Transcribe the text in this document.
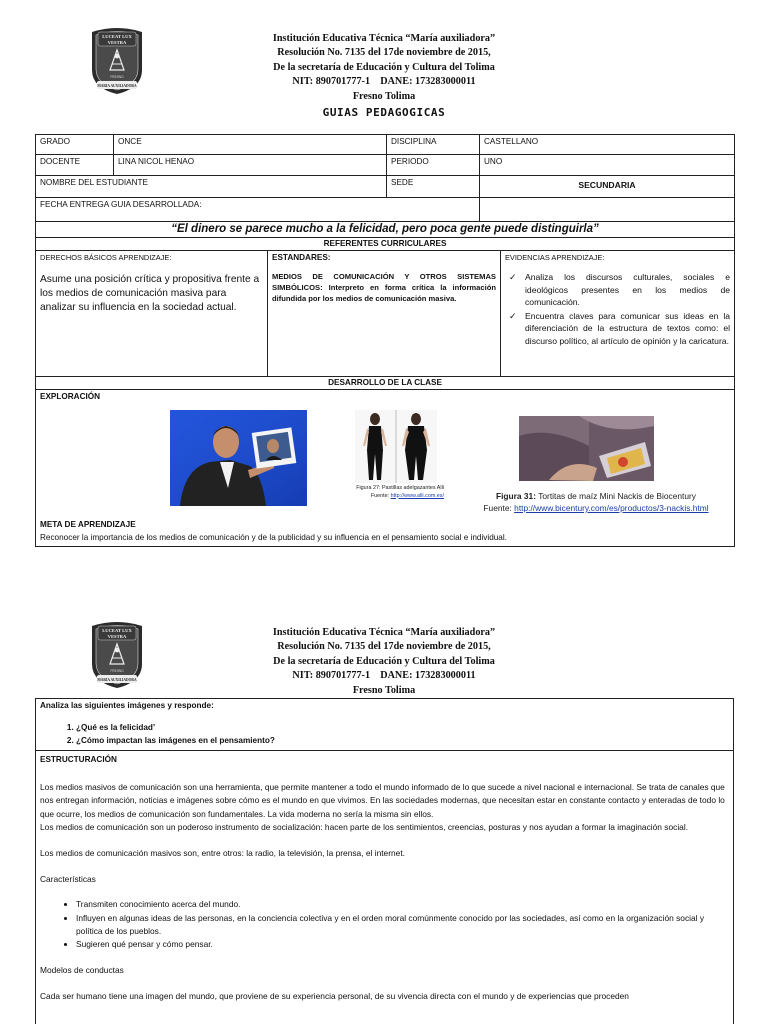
LUCEAT LUX
VESTRA
FRESNO
MARIA AUXILIADORA
Institución Educativa Técnica “María auxiliadora”
Resolución No. 7135 del 17de noviembre de 2015,
De la secretaría de Educación y Cultura del Tolima
NIT: 890701777-1    DANE: 173283000011
Fresno Tolima
GUIAS PEDAGOGICAS
GRADO	ONCE	DISCIPLINA	CASTELLANO
DOCENTE	LINA NICOL HENAO	PERIODO	UNO
NOMBRE DEL ESTUDIANTE		SEDE	SECUNDARIA
FECHA ENTREGA GUIA DESARROLLADA:			
“El dinero se parece mucho a la felicidad, pero poca gente puede distinguirla”
REFERENTES CURRICULARES

DERECHOS BÁSICOS APRENDIZAJE:
Asume una posición crítica y propositiva frente a los medios de comunicación masiva para analizar su influencia en la sociedad actual.

ESTANDARES:
MEDIOS DE COMUNICACIÓN Y OTROS SISTEMAS SIMBÓLICOS: Interpreto en forma crítica la información difundida por los medios de comunicación masiva.

EVIDENCIAS APRENDIZAJE:
✓ Analiza los discursos culturales, sociales e ideológicos presentes en los medios de comunicación.
✓ Encuentra claves para comunicar sus ideas en la diferenciación de la estructura de textos como: el discurso político, al artículo de opinión y la caricatura.

DESARROLLO DE LA CLASE

EXPLORACIÓN
Figura 27: Pastillas adelgazantes Alli
Fuente: http://www.alli.com.es/	Figura 31: Tortitas de maíz Mini Nackis de Biocentury
Fuente: http://www.bicentury.com/es/productos/3-nackis.html
META DE APRENDIZAJE
Reconocer la importancia de los medios de comunicación y de la publicidad y su influencia en el pensamiento social e individual.
LUCEAT LUX
VESTRA
FRESNO
MARIA AUXILIADORA
Institución Educativa Técnica “María auxiliadora”
Resolución No. 7135 del 17de noviembre de 2015,
De la secretaría de Educación y Cultura del Tolima
NIT: 890701777-1    DANE: 173283000011
Fresno Tolima
Analiza las siguientes imágenes y responde:
1. ¿Qué es la felicidad’
2. ¿Cómo impactan las imágenes en el pensamiento?
ESTRUCTURACIÓN

Los medios masivos de comunicación son una herramienta, que permite mantener a todo el mundo informado de lo que sucede a nivel nacional e internacional. Se trata de canales que nos entregan información, noticias e imágenes sobre cómo es el mundo en que vivimos. En las sociedades modernas, que necesitan estar en constante contacto y enteradas de todo lo que ocurre, los medios de comunicación son fundamentales. La vida moderna no sería la misma sin ellos.

Los medios de comunicación son un poderoso instrumento de socialización: hacen parte de los sentimientos, creencias, posturas y nos ayudan a formar la imaginación social.

Los medios de comunicación masivos son, entre otros: la radio, la televisión, la prensa, el internet.

Características

• Transmiten conocimiento acerca del mundo.
• Influyen en algunas ideas de las personas, en la conciencia colectiva y en el orden moral comúnmente conocido por las sociedades, así como en la organización social y política de los pueblos.
• Sugieren qué pensar y cómo pensar.

Modelos de conductas

Cada ser humano tiene una imagen del mundo, que proviene de su experiencia personal, de su vivencia directa con el mundo y de experiencias que proceden
